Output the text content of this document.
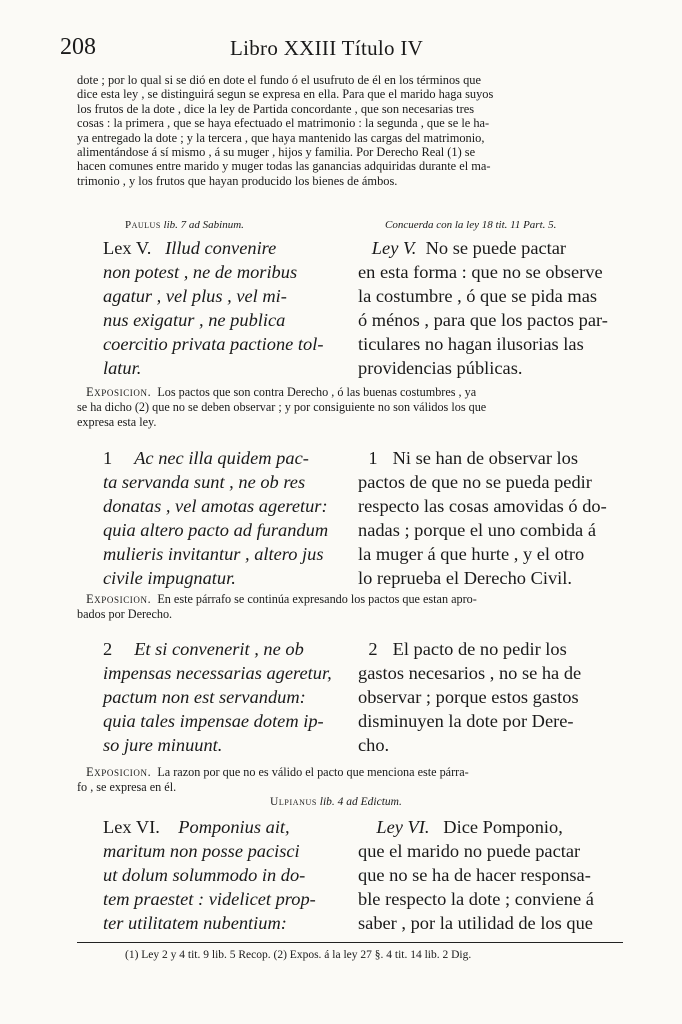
208	Libro XXIII Título IV
dote ; por lo qual si se dió en dote el fundo ó el usufruto de él en los términos que
dice esta ley , se distinguirá segun se expresa en ella. Para que el marido haga suyos
los frutos de la dote , dice la ley de Partida concordante , que son necesarias tres
cosas : la primera , que se haya efectuado el matrimonio : la segunda , que se le ha-
ya entregado la dote ; y la tercera , que haya mantenido las cargas del matrimonio,
alimentándose á sí mismo , á su muger , hijos y familia. Por Derecho Real (1) se
hacen comunes entre marido y muger todas las ganancias adquiridas durante el ma-
trimonio , y los frutos que hayan producido los bienes de ámbos.
Paulus lib. 7 ad Sabinum.	Concuerda con la ley 18 tit. 11 Part. 5.
Lex V. Illud convenire
non potest , ne de moribus
agatur , vel plus , vel mi-
nus exigatur , ne publica
coercitio privata pactione tol-
latur.
Ley V. No se puede pactar
en esta forma : que no se observe
la costumbre , ó que se pida mas
ó ménos , para que los pactos par-
ticulares no hagan ilusorias las
providencias públicas.
Exposicion. Los pactos que son contra Derecho , ó las buenas costumbres , ya
se ha dicho (2) que no se deben observar ; y por consiguiente no son válidos los que
expresa esta ley.
1 Ac nec illa quidem pac-
ta servanda sunt , ne ob res
donatas , vel amotas ageretur:
quia altero pacto ad furandum
mulieris invitantur , altero jus
civile impugnatur.
1 Ni se han de observar los
pactos de que no se pueda pedir
respecto las cosas amovidas ó do-
nadas ; porque el uno combida á
la muger á que hurte , y el otro
lo reprueba el Derecho Civil.
Exposicion. En este párrafo se continúa expresando los pactos que estan apro-
bados por Derecho.
2 Et si convenerit , ne ob
impensas necessarias ageretur,
pactum non est servandum:
quia tales impensae dotem ip-
so jure minuunt.
2 El pacto de no pedir los
gastos necesarios , no se ha de
observar ; porque estos gastos
disminuyen la dote por Dere-
cho.
Exposicion. La razon por que no es válido el pacto que menciona este párra-
fo , se expresa en él.
Ulpianus lib. 4 ad Edictum.
Lex VI. Pomponius ait,
maritum non posse pacisci
ut dolum solummodo in do-
tem praestet : videlicet prop-
ter utilitatem nubentium:
Ley VI. Dice Pomponio,
que el marido no puede pactar
que no se ha de hacer responsa-
ble respecto la dote ; conviene á
saber , por la utilidad de los que
(1) Ley 2 y 4 tit. 9 lib. 5 Recop. (2) Expos. á la ley 27 §. 4 tit. 14 lib. 2 Dig.
